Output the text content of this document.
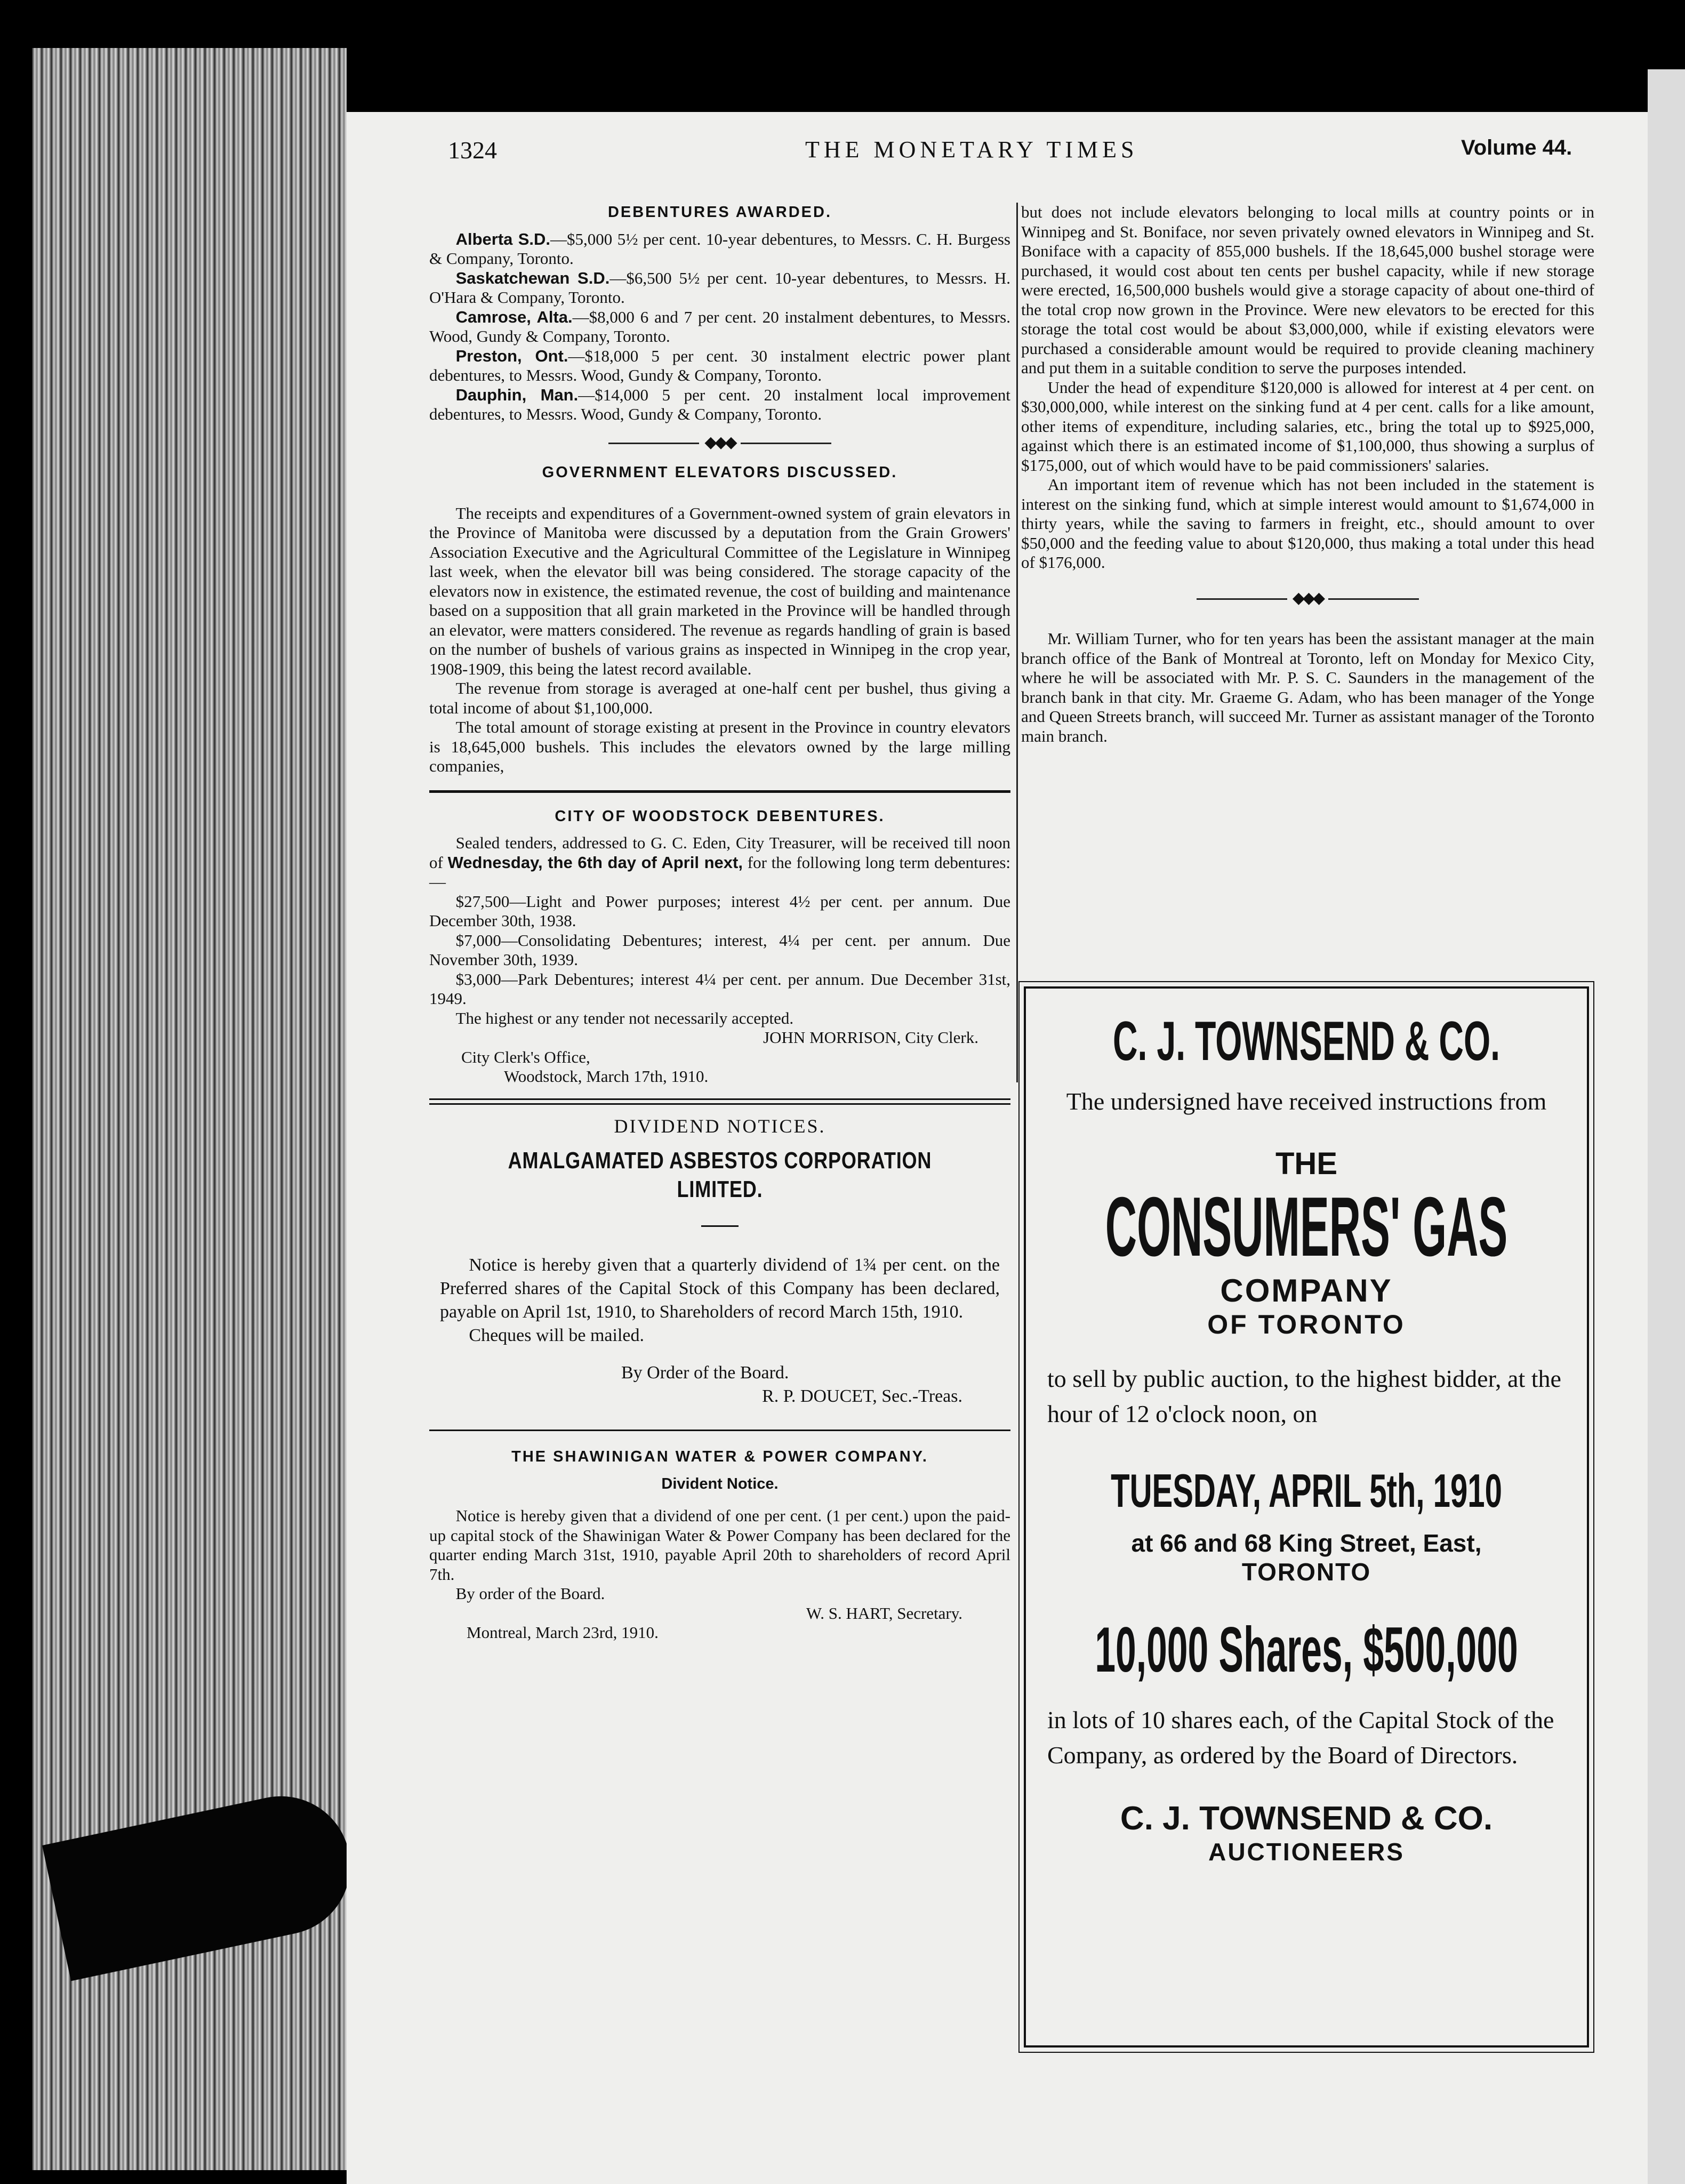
1324	THE MONETARY TIMES	Volume 44.
DEBENTURES AWARDED.

Alberta S.D.—$5,000 5½ per cent. 10-year debentures, to Messrs. C. H. Burgess & Company, Toronto.

Saskatchewan S.D.—$6,500 5½ per cent. 10-year debentures, to Messrs. H. O'Hara & Company, Toronto.

Camrose, Alta.—$8,000 6 and 7 per cent. 20 instalment debentures, to Messrs. Wood, Gundy & Company, Toronto.

Preston, Ont.—$18,000 5 per cent. 30 instalment electric power plant debentures, to Messrs. Wood, Gundy & Company, Toronto.

Dauphin, Man.—$14,000 5 per cent. 20 instalment local improvement debentures, to Messrs. Wood, Gundy & Company, Toronto.

◆◆◆
GOVERNMENT ELEVATORS DISCUSSED.

The receipts and expenditures of a Government-owned system of grain elevators in the Province of Manitoba were discussed by a deputation from the Grain Growers' Association Executive and the Agricultural Committee of the Legislature in Winnipeg last week, when the elevator bill was being considered. The storage capacity of the elevators now in existence, the estimated revenue, the cost of building and maintenance based on a supposition that all grain marketed in the Province will be handled through an elevator, were matters considered. The revenue as regards handling of grain is based on the number of bushels of various grains as inspected in Winnipeg in the crop year, 1908-1909, this being the latest record available.

The revenue from storage is averaged at one-half cent per bushel, thus giving a total income of about $1,100,000.

The total amount of storage existing at present in the Province in country elevators is 18,645,000 bushels. This includes the elevators owned by the large milling companies,

CITY OF WOODSTOCK DEBENTURES.

Sealed tenders, addressed to G. C. Eden, City Treasurer, will be received till noon of Wednesday, the 6th day of April next, for the following long term debentures:—

$27,500—Light and Power purposes; interest 4½ per cent. per annum. Due December 30th, 1938.

$7,000—Consolidating Debentures; interest, 4¼ per cent. per annum. Due November 30th, 1939.

$3,000—Park Debentures; interest 4¼ per cent. per annum. Due December 31st, 1949.

The highest or any tender not necessarily accepted.

JOHN MORRISON, City Clerk.
City Clerk's Office,
Woodstock, March 17th, 1910.
DIVIDEND NOTICES.
AMALGAMATED ASBESTOS CORPORATION
LIMITED.

Notice is hereby given that a quarterly dividend of 1¾ per cent. on the Preferred shares of the Capital Stock of this Company has been declared, payable on April 1st, 1910, to Shareholders of record March 15th, 1910.

Cheques will be mailed.

By Order of the Board.
R. P. DOUCET, Sec.-Treas.
THE SHAWINIGAN WATER & POWER COMPANY.
Divident Notice.

Notice is hereby given that a dividend of one per cent. (1 per cent.) upon the paid-up capital stock of the Shawinigan Water & Power Company has been declared for the quarter ending March 31st, 1910, payable April 20th to shareholders of record April 7th.

By order of the Board.

W. S. HART, Secretary.
Montreal, March 23rd, 1910.

but does not include elevators belonging to local mills at country points or in Winnipeg and St. Boniface, nor seven privately owned elevators in Winnipeg and St. Boniface with a capacity of 855,000 bushels. If the 18,645,000 bushel storage were purchased, it would cost about ten cents per bushel capacity, while if new storage were erected, 16,500,000 bushels would give a storage capacity of about one-third of the total crop now grown in the Province. Were new elevators to be erected for this storage the total cost would be about $3,000,000, while if existing elevators were purchased a considerable amount would be required to provide cleaning machinery and put them in a suitable condition to serve the purposes intended.

Under the head of expenditure $120,000 is allowed for interest at 4 per cent. on $30,000,000, while interest on the sinking fund at 4 per cent. calls for a like amount, other items of expenditure, including salaries, etc., bring the total up to $925,000, against which there is an estimated income of $1,100,000, thus showing a surplus of $175,000, out of which would have to be paid commissioners' salaries.

An important item of revenue which has not been included in the statement is interest on the sinking fund, which at simple interest would amount to $1,674,000 in thirty years, while the saving to farmers in freight, etc., should amount to over $50,000 and the feeding value to about $120,000, thus making a total under this head of $176,000.

◆◆◆

Mr. William Turner, who for ten years has been the assistant manager at the main branch office of the Bank of Montreal at Toronto, left on Monday for Mexico City, where he will be associated with Mr. P. S. C. Saunders in the management of the branch bank in that city. Mr. Graeme G. Adam, who has been manager of the Yonge and Queen Streets branch, will succeed Mr. Turner as assistant manager of the Toronto main branch.

C. J. TOWNSEND & CO.
The undersigned have received instructions from
THE
CONSUMERS' GAS
COMPANY
OF TORONTO
to sell by public auction, to the highest bidder, at the hour of 12 o'clock noon, on
TUESDAY, APRIL 5th, 1910
at 66 and 68 King Street, East,
TORONTO
10,000 Shares, $500,000
in lots of 10 shares each, of the Capital Stock of the Company, as ordered by the Board of Directors.
C. J. TOWNSEND & CO.
AUCTIONEERS
